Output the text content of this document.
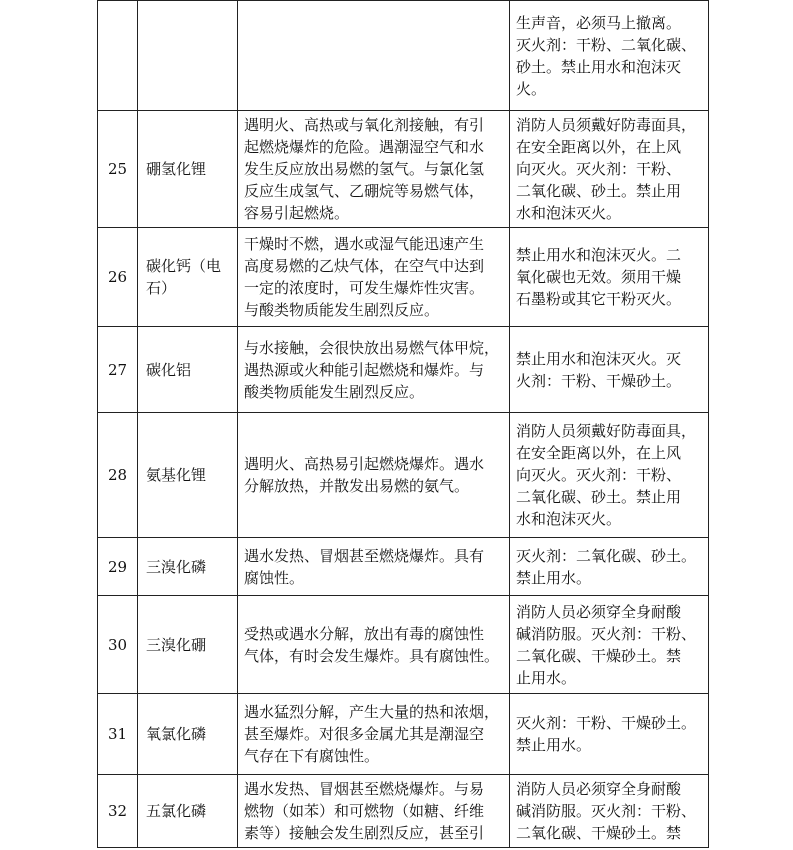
			生声音，必须马上撤离。
灭火剂：干粉、二氧化碳、
砂土。禁止用水和泡沫灭
火。

25	硼氢化锂	遇明火、高热或与氧化剂接触，有引
起燃烧爆炸的危险。遇潮湿空气和水
发生反应放出易燃的氢气。与氯化氢
反应生成氢气、乙硼烷等易燃气体，
容易引起燃烧。	消防人员须戴好防毒面具，
在安全距离以外，在上风
向灭火。灭火剂：干粉、
二氧化碳、砂土。禁止用
水和泡沫灭火。

26	碳化钙（电
石）	干燥时不燃，遇水或湿气能迅速产生
高度易燃的乙炔气体，在空气中达到
一定的浓度时，可发生爆炸性灾害。
与酸类物质能发生剧烈反应。	禁止用水和泡沫灭火。二
氧化碳也无效。须用干燥
石墨粉或其它干粉灭火。

27	碳化铝	与水接触，会很快放出易燃气体甲烷，
遇热源或火种能引起燃烧和爆炸。与
酸类物质能发生剧烈反应。	禁止用水和泡沫灭火。灭
火剂：干粉、干燥砂土。

28	氨基化锂	遇明火、高热易引起燃烧爆炸。遇水
分解放热，并散发出易燃的氨气。	消防人员须戴好防毒面具，
在安全距离以外，在上风
向灭火。灭火剂：干粉、
二氧化碳、砂土。禁止用
水和泡沫灭火。

29	三溴化磷	遇水发热、冒烟甚至燃烧爆炸。具有
腐蚀性。	灭火剂：二氧化碳、砂土。
禁止用水。

30	三溴化硼	受热或遇水分解，放出有毒的腐蚀性
气体，有时会发生爆炸。具有腐蚀性。	消防人员必须穿全身耐酸
碱消防服。灭火剂：干粉、
二氧化碳、干燥砂土。禁
止用水。

31	氧氯化磷	遇水猛烈分解，产生大量的热和浓烟，
甚至爆炸。对很多金属尤其是潮湿空
气存在下有腐蚀性。	灭火剂：干粉、干燥砂土。
禁止用水。

32	五氯化磷	遇水发热、冒烟甚至燃烧爆炸。与易
燃物（如苯）和可燃物（如糖、纤维
素等）接触会发生剧烈反应，甚至引	消防人员必须穿全身耐酸
碱消防服。灭火剂：干粉、
二氧化碳、干燥砂土。禁
